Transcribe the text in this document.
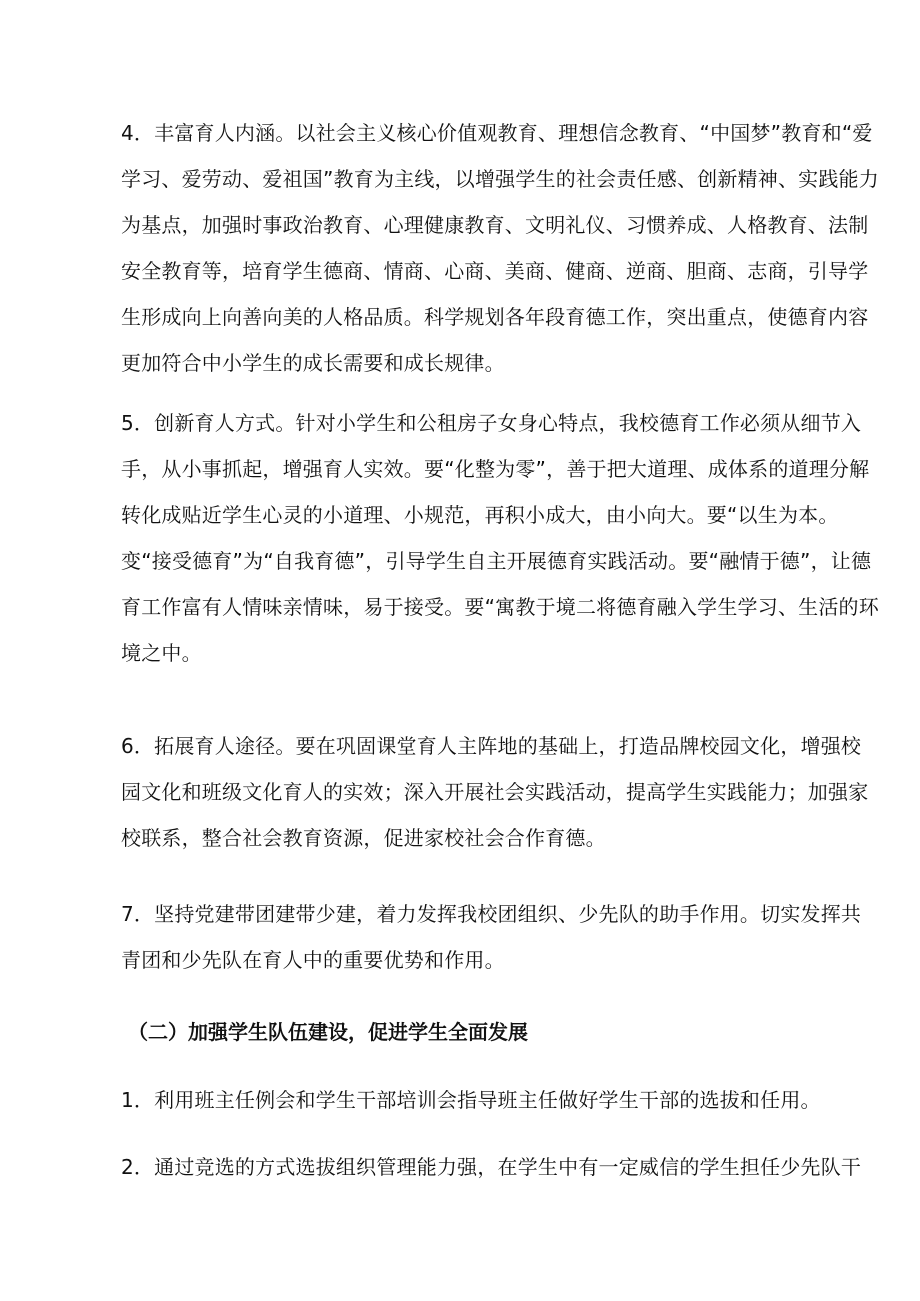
4．丰富育人内涵。以社会主义核心价值观教育、理想信念教育、“中国梦”教育和“爱学习、爱劳动、爱祖国”教育为主线，以增强学生的社会责任感、创新精神、实践能力为基点，加强时事政治教育、心理健康教育、文明礼仪、习惯养成、人格教育、法制安全教育等，培育学生德商、情商、心商、美商、健商、逆商、胆商、志商，引导学生形成向上向善向美的人格品质。科学规划各年段育德工作，突出重点，使德育内容更加符合中小学生的成长需要和成长规律。

5．创新育人方式。针对小学生和公租房子女身心特点，我校德育工作必须从细节入手，从小事抓起，增强育人实效。要“化整为零”，善于把大道理、成体系的道理分解转化成贴近学生心灵的小道理、小规范，再积小成大，由小向大。要“以生为本。变“接受德育”为“自我育德”，引导学生自主开展德育实践活动。要“融情于德”，让德育工作富有人情味亲情味，易于接受。要“寓教于境二将德育融入学生学习、生活的环境之中。

6．拓展育人途径。要在巩固课堂育人主阵地的基础上，打造品牌校园文化，增强校园文化和班级文化育人的实效；深入开展社会实践活动，提高学生实践能力；加强家校联系，整合社会教育资源，促进家校社会合作育德。

7．坚持党建带团建带少建，着力发挥我校团组织、少先队的助手作用。切实发挥共青团和少先队在育人中的重要优势和作用。

（二）加强学生队伍建设，促进学生全面发展

1．利用班主任例会和学生干部培训会指导班主任做好学生干部的选拔和任用。

2．通过竞选的方式选拔组织管理能力强，在学生中有一定威信的学生担任少先队干
